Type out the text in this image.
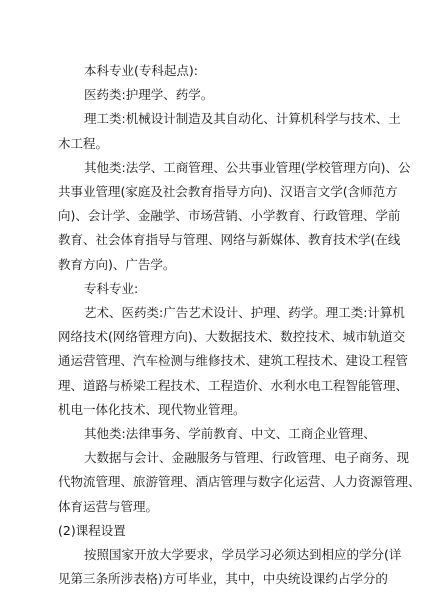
本科专业(专科起点):
医药类:护理学、药学。
理工类:机械设计制造及其自动化、计算机科学与技术、土
木工程。
其他类:法学、工商管理、公共事业管理(学校管理方向)、公
共事业管理(家庭及社会教育指导方向)、汉语言文学(含师范方
向)、会计学、金融学、市场营销、小学教育、行政管理、学前
教育、社会体育指导与管理、网络与新媒体、教育技术学(在线
教育方向)、广告学。
专科专业:
艺术、医药类:广告艺术设计、护理、药学。理工类:计算机
网络技术(网络管理方向)、大数据技术、数控技术、城市轨道交
通运营管理、汽车检测与维修技术、建筑工程技术、建设工程管
理、道路与桥梁工程技术、工程造价、水利水电工程智能管理、
机电一体化技术、现代物业管理。
其他类:法律事务、学前教育、中文、工商企业管理、
大数据与会计、金融服务与管理、行政管理、电子商务、现
代物流管理、旅游管理、酒店管理与数字化运营、人力资源管理、
体育运营与管理。
(2)课程设置
按照国家开放大学要求，学员学习必须达到相应的学分(详
见第三条所涉表格)方可毕业，其中，中央统设课约占学分的
